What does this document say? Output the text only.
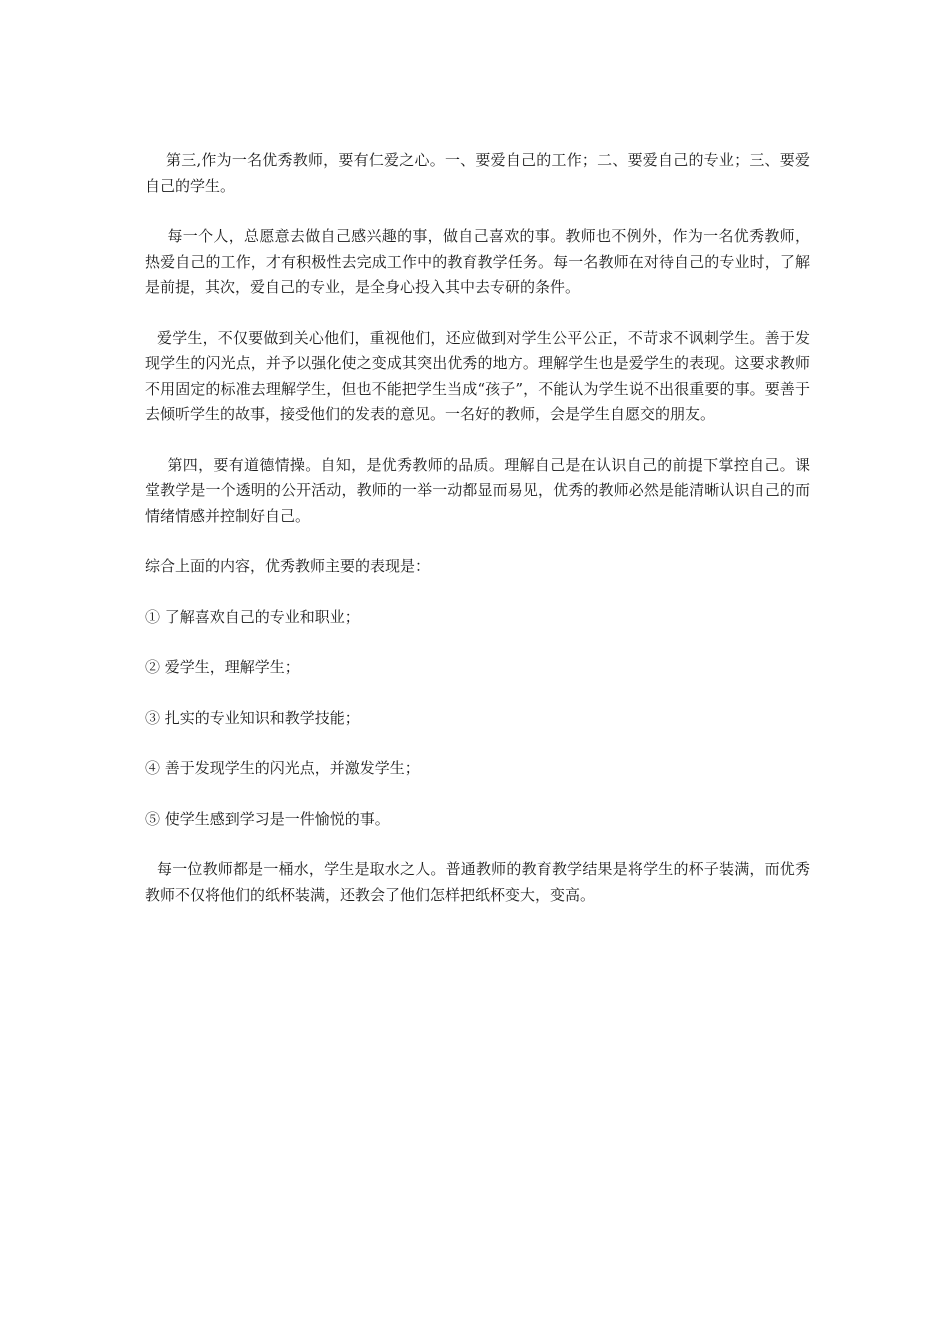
第三,作为一名优秀教师，要有仁爱之心。一、要爱自己的工作；二、要爱自己的专业；三、要爱自己的学生。

每一个人，总愿意去做自己感兴趣的事，做自己喜欢的事。教师也不例外，作为一名优秀教师，热爱自己的工作，才有积极性去完成工作中的教育教学任务。每一名教师在对待自己的专业时，了解是前提，其次，爱自己的专业，是全身心投入其中去专研的条件。

爱学生，不仅要做到关心他们，重视他们，还应做到对学生公平公正，不苛求不讽刺学生。善于发现学生的闪光点，并予以强化使之变成其突出优秀的地方。理解学生也是爱学生的表现。这要求教师不用固定的标准去理解学生，但也不能把学生当成“孩子”，不能认为学生说不出很重要的事。要善于去倾听学生的故事，接受他们的发表的意见。一名好的教师，会是学生自愿交的朋友。

第四，要有道德情操。自知，是优秀教师的品质。理解自己是在认识自己的前提下掌控自己。课堂教学是一个透明的公开活动，教师的一举一动都显而易见，优秀的教师必然是能清晰认识自己的而情绪情感并控制好自己。

综合上面的内容，优秀教师主要的表现是：

① 了解喜欢自己的专业和职业；

② 爱学生，理解学生；

③ 扎实的专业知识和教学技能；

④ 善于发现学生的闪光点，并激发学生；

⑤ 使学生感到学习是一件愉悦的事。

每一位教师都是一桶水，学生是取水之人。普通教师的教育教学结果是将学生的杯子装满，而优秀教师不仅将他们的纸杯装满，还教会了他们怎样把纸杯变大，变高。
